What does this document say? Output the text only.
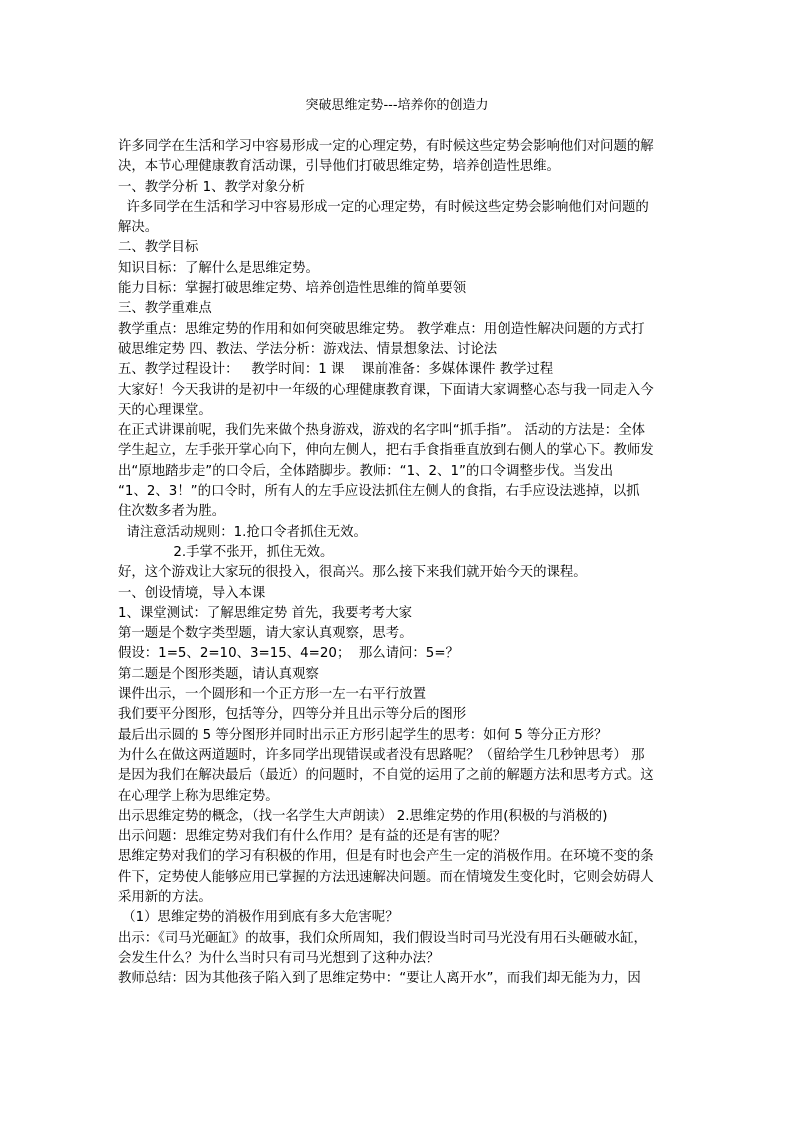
突破思维定势---培养你的创造力
许多同学在生活和学习中容易形成一定的心理定势，有时候这些定势会影响他们对问题的解
决，本节心理健康教育活动课，引导他们打破思维定势，培养创造性思维。
一、教学分析 1、教学对象分析
许多同学在生活和学习中容易形成一定的心理定势，有时候这些定势会影响他们对问题的
解决。
二、教学目标
知识目标：了解什么是思维定势。
能力目标：掌握打破思维定势、培养创造性思维的简单要领
三、教学重难点
教学重点：思维定势的作用和如何突破思维定势。 教学难点：用创造性解决问题的方式打
破思维定势 四、教法、学法分析：游戏法、情景想象法、讨论法
五、教学过程设计：   教学时间：1 课    课前准备：多媒体课件 教学过程
大家好！今天我讲的是初中一年级的心理健康教育课，下面请大家调整心态与我一同走入今
天的心理课堂。
在正式讲课前呢，我们先来做个热身游戏，游戏的名字叫“抓手指”。 活动的方法是：全体
学生起立，左手张开掌心向下，伸向左侧人，把右手食指垂直放到右侧人的掌心下。教师发
出“原地踏步走”的口令后，全体踏脚步。教师：“1、2、1”的口令调整步伐。当发出
“1、2、3！”的口令时，所有人的左手应设法抓住左侧人的食指，右手应设法逃掉，以抓
住次数多者为胜。
请注意活动规则：1.抢口令者抓住无效。
2.手掌不张开，抓住无效。
好，这个游戏让大家玩的很投入，很高兴。那么接下来我们就开始今天的课程。
一、创设情境，导入本课
1、课堂测试：了解思维定势 首先，我要考考大家
第一题是个数字类型题，请大家认真观察，思考。
假设：1=5、2=10、3=15、4=20；  那么请问：5=？
第二题是个图形类题，请认真观察
课件出示，一个圆形和一个正方形一左一右平行放置
我们要平分图形，包括等分，四等分并且出示等分后的图形
最后出示圆的 5 等分图形并同时出示正方形引起学生的思考：如何 5 等分正方形？
为什么在做这两道题时，许多同学出现错误或者没有思路呢？（留给学生几秒钟思考） 那
是因为我们在解决最后（最近）的问题时，不自觉的运用了之前的解题方法和思考方式。这
在心理学上称为思维定势。
出示思维定势的概念，（找一名学生大声朗读） 2.思维定势的作用(积极的与消极的)
出示问题：思维定势对我们有什么作用？是有益的还是有害的呢？
思维定势对我们的学习有积极的作用，但是有时也会产生一定的消极作用。在环境不变的条
件下，定势使人能够应用已掌握的方法迅速解决问题。而在情境发生变化时，它则会妨碍人
采用新的方法。
（1）思维定势的消极作用到底有多大危害呢？
出示：《司马光砸缸》的故事，我们众所周知，我们假设当时司马光没有用石头砸破水缸，
会发生什么？为什么当时只有司马光想到了这种办法？
教师总结：因为其他孩子陷入到了思维定势中：“要让人离开水”，而我们却无能为力，因
